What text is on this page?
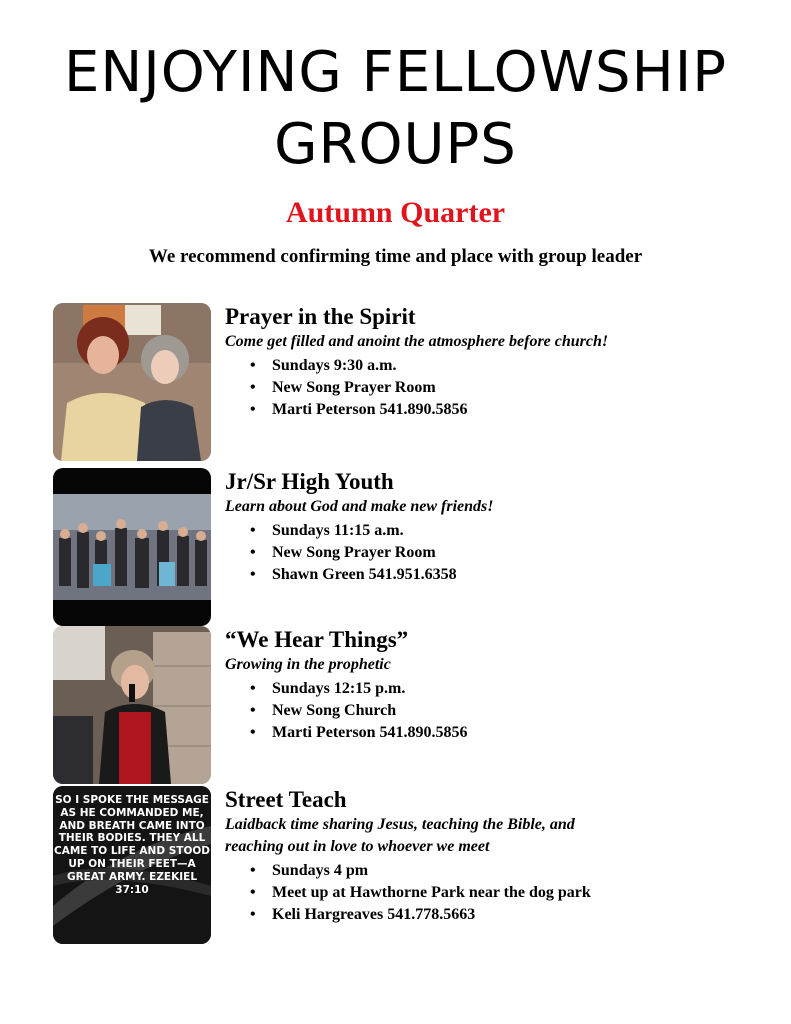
ENJOYING FELLOWSHIP
GROUPS
Autumn Quarter

We recommend confirming time and place with group leader

Prayer in the Spirit

Come get filled and anoint the atmosphere before church!

• Sundays 9:30 a.m.
• New Song Prayer Room
• Marti Peterson 541.890.5856
Jr/Sr High Youth

Learn about God and make new friends!

• Sundays 11:15 a.m.
• New Song Prayer Room
• Shawn Green 541.951.6358
“We Hear Things”

Growing in the prophetic

• Sundays 12:15 p.m.
• New Song Church
• Marti Peterson 541.890.5856
SO I SPOKE THE MESSAGE AS HE COMMANDED ME, AND BREATH CAME INTO THEIR BODIES. THEY ALL CAME TO LIFE AND STOOD UP ON THEIR FEET—A GREAT ARMY. EZEKIEL 37:10
Street Teach

Laidback time sharing Jesus, teaching the Bible, and

reaching out in love to whoever we meet

• Sundays 4 pm
• Meet up at Hawthorne Park near the dog park
• Keli Hargreaves 541.778.5663
